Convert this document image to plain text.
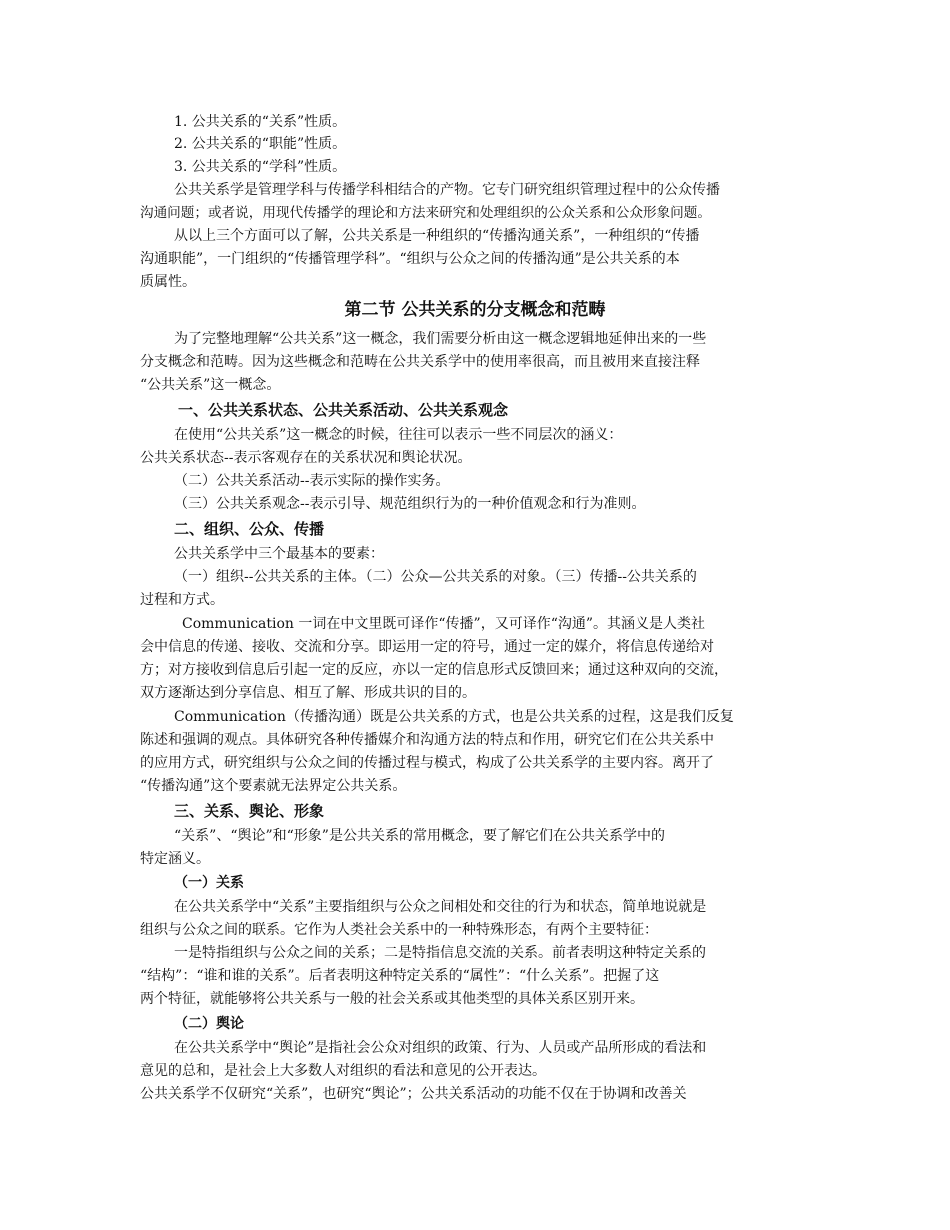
1. 公共关系的“关系”性质。
2. 公共关系的“职能”性质。
3. 公共关系的“学科”性质。
公共关系学是管理学科与传播学科相结合的产物。它专门研究组织管理过程中的公众传播
沟通问题；或者说，用现代传播学的理论和方法来研究和处理组织的公众关系和公众形象问题。
从以上三个方面可以了解，公共关系是一种组织的“传播沟通关系”，一种组织的“传播
沟通职能”，一门组织的“传播管理学科”。“组织与公众之间的传播沟通”是公共关系的本
质属性。
第二节 公共关系的分支概念和范畴
为了完整地理解“公共关系”这一概念，我们需要分析由这一概念逻辑地延伸出来的一些
分支概念和范畴。因为这些概念和范畴在公共关系学中的使用率很高，而且被用来直接注释
“公共关系”这一概念。
一、公共关系状态、公共关系活动、公共关系观念
在使用“公共关系”这一概念的时候，往往可以表示一些不同层次的涵义：
公共关系状态--表示客观存在的关系状况和舆论状况。
（二）公共关系活动--表示实际的操作实务。
（三）公共关系观念--表示引导、规范组织行为的一种价值观念和行为准则。
二、组织、公众、传播
公共关系学中三个最基本的要素：
（一）组织--公共关系的主体。（二）公众—公共关系的对象。（三）传播--公共关系的
过程和方式。
Communication 一词在中文里既可译作“传播”，又可译作“沟通”。其涵义是人类社
会中信息的传递、接收、交流和分享。即运用一定的符号，通过一定的媒介，将信息传递给对
方；对方接收到信息后引起一定的反应，亦以一定的信息形式反馈回来；通过这种双向的交流，
双方逐渐达到分享信息、相互了解、形成共识的目的。
Communication（传播沟通）既是公共关系的方式，也是公共关系的过程，这是我们反复
陈述和强调的观点。具体研究各种传播媒介和沟通方法的特点和作用，研究它们在公共关系中
的应用方式，研究组织与公众之间的传播过程与模式，构成了公共关系学的主要内容。离开了
“传播沟通”这个要素就无法界定公共关系。
三、关系、舆论、形象
“关系”、“舆论”和“形象”是公共关系的常用概念，要了解它们在公共关系学中的
特定涵义。
（一）关系
在公共关系学中“关系”主要指组织与公众之间相处和交往的行为和状态，简单地说就是
组织与公众之间的联系。它作为人类社会关系中的一种特殊形态，有两个主要特征：
一是特指组织与公众之间的关系；二是特指信息交流的关系。前者表明这种特定关系的
“结构”：“谁和谁的关系”。后者表明这种特定关系的“属性”：“什么关系”。把握了这
两个特征，就能够将公共关系与一般的社会关系或其他类型的具体关系区别开来。
（二）舆论
在公共关系学中“舆论”是指社会公众对组织的政策、行为、人员或产品所形成的看法和
意见的总和，是社会上大多数人对组织的看法和意见的公开表达。
公共关系学不仅研究“关系”，也研究“舆论”；公共关系活动的功能不仅在于协调和改善关
